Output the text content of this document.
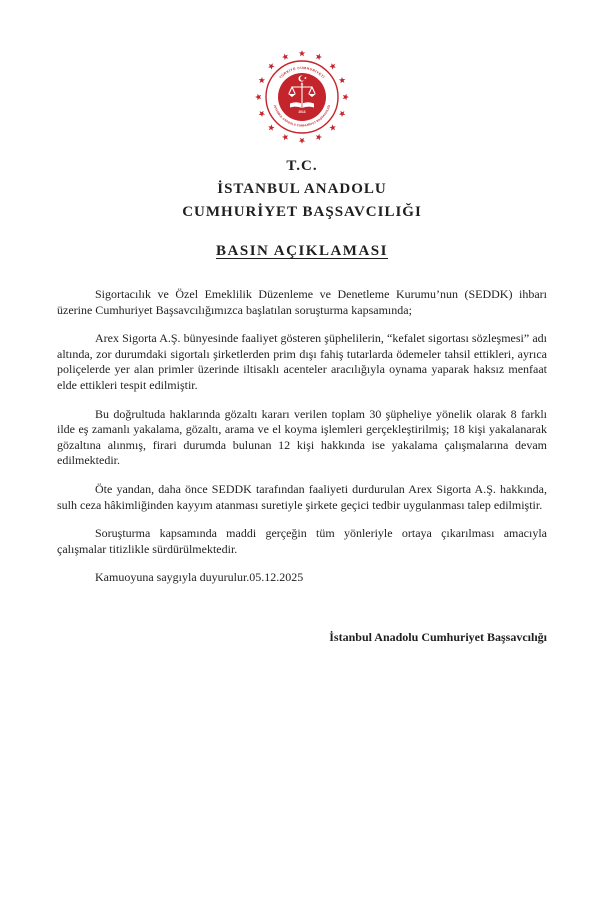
TÜRKİYE CUMHURİYETİ
İSTANBUL ANADOLU CUMHURİYET BAŞSAVCILIĞI
2013
T.C.
İSTANBUL ANADOLU
CUMHURİYET BAŞSAVCILIĞI
BASIN AÇIKLAMASI

Sigortacılık ve Özel Emeklilik Düzenleme ve Denetleme Kurumu’nun (SEDDK) ihbarı üzerine Cumhuriyet Başsavcılığımızca başlatılan soruşturma kapsamında;

Arex Sigorta A.Ş. bünyesinde faaliyet gösteren şüphelilerin, “kefalet sigortası sözleşmesi” adı altında, zor durumdaki sigortalı şirketlerden prim dışı fahiş tutarlarda ödemeler tahsil ettikleri, ayrıca poliçelerde yer alan primler üzerinde iltisaklı acenteler aracılığıyla oynama yaparak haksız menfaat elde ettikleri tespit edilmiştir.

Bu doğrultuda haklarında gözaltı kararı verilen toplam 30 şüpheliye yönelik olarak 8 farklı ilde eş zamanlı yakalama, gözaltı, arama ve el koyma işlemleri gerçekleştirilmiş; 18 kişi yakalanarak gözaltına alınmış, firari durumda bulunan 12 kişi hakkında ise yakalama çalışmalarına devam edilmektedir.

Öte yandan, daha önce SEDDK tarafından faaliyeti durdurulan Arex Sigorta A.Ş. hakkında, sulh ceza hâkimliğinden kayyım atanması suretiyle şirkete geçici tedbir uygulanması talep edilmiştir.

Soruşturma kapsamında maddi gerçeğin tüm yönleriyle ortaya çıkarılması amacıyla çalışmalar titizlikle sürdürülmektedir.

Kamuoyuna saygıyla duyurulur.05.12.2025

İstanbul Anadolu Cumhuriyet Başsavcılığı
